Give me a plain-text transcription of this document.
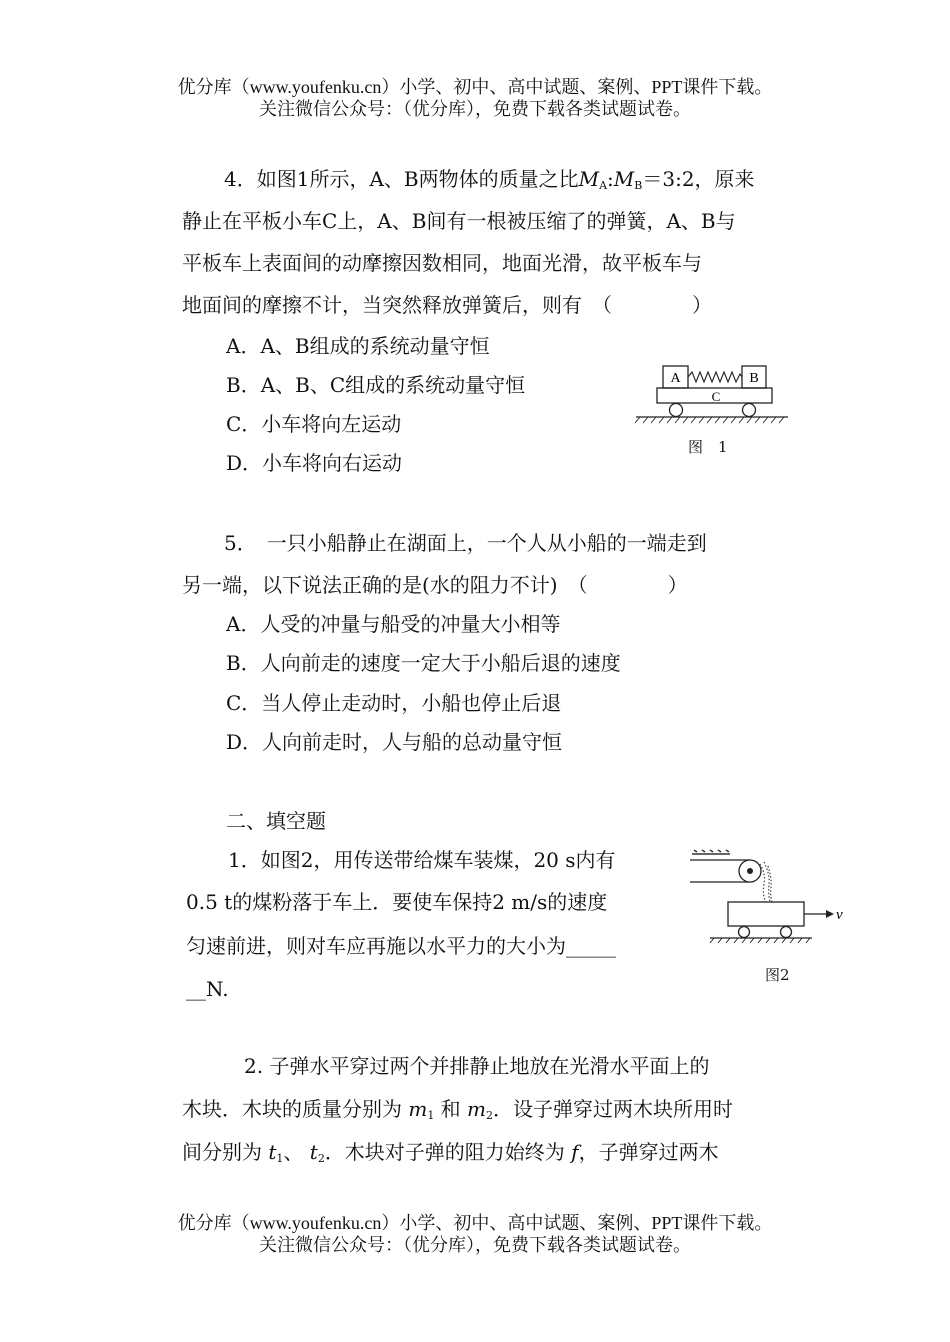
优分库（www.youfenku.cn）小学、初中、高中试题、案例、PPT课件下载。
关注微信公众号：（优分库），免费下载各类试题试卷。
4．如图1所示，A、B两物体的质量之比$M_A:M_B=3:2$，原来
静止在平板小车C上，A、B间有一根被压缩了的弹簧，A、B与
平板车上表面间的动摩擦因数相同，地面光滑，故平板车与
地面间的摩擦不计，当突然释放弹簧后，则有　（　　　　）
A．A、B组成的系统动量守恒
B．A、B、C组成的系统动量守恒
C．小车将向左运动
D．小车将向右运动
A	B
C
图　1
5．　一只小船静止在湖面上，一个人从小船的一端走到
另一端，以下说法正确的是(水的阻力不计)　（　　　　）
A．人受的冲量与船受的冲量大小相等
B．人向前走的速度一定大于小船后退的速度
C．当人停止走动时，小船也停止后退
D．人向前走时，人与船的总动量守恒
二、填空题
1．如图2，用传送带给煤车装煤，20 s内有
0.5 t的煤粉落于车上．要使车保持2 m/s的速度
匀速前进，则对车应再施以水平力的大小为_____
__N.
v
图2
2. 子弹水平穿过两个并排静止地放在光滑水平面上的
木块．木块的质量分别为 $m_1$ 和 $m_2$．设子弹穿过两木块所用时
间分别为 $t_1$、 $t_2$．木块对子弹的阻力始终为 f，子弹穿过两木
优分库（www.youfenku.cn）小学、初中、高中试题、案例、PPT课件下载。
关注微信公众号：（优分库），免费下载各类试题试卷。
